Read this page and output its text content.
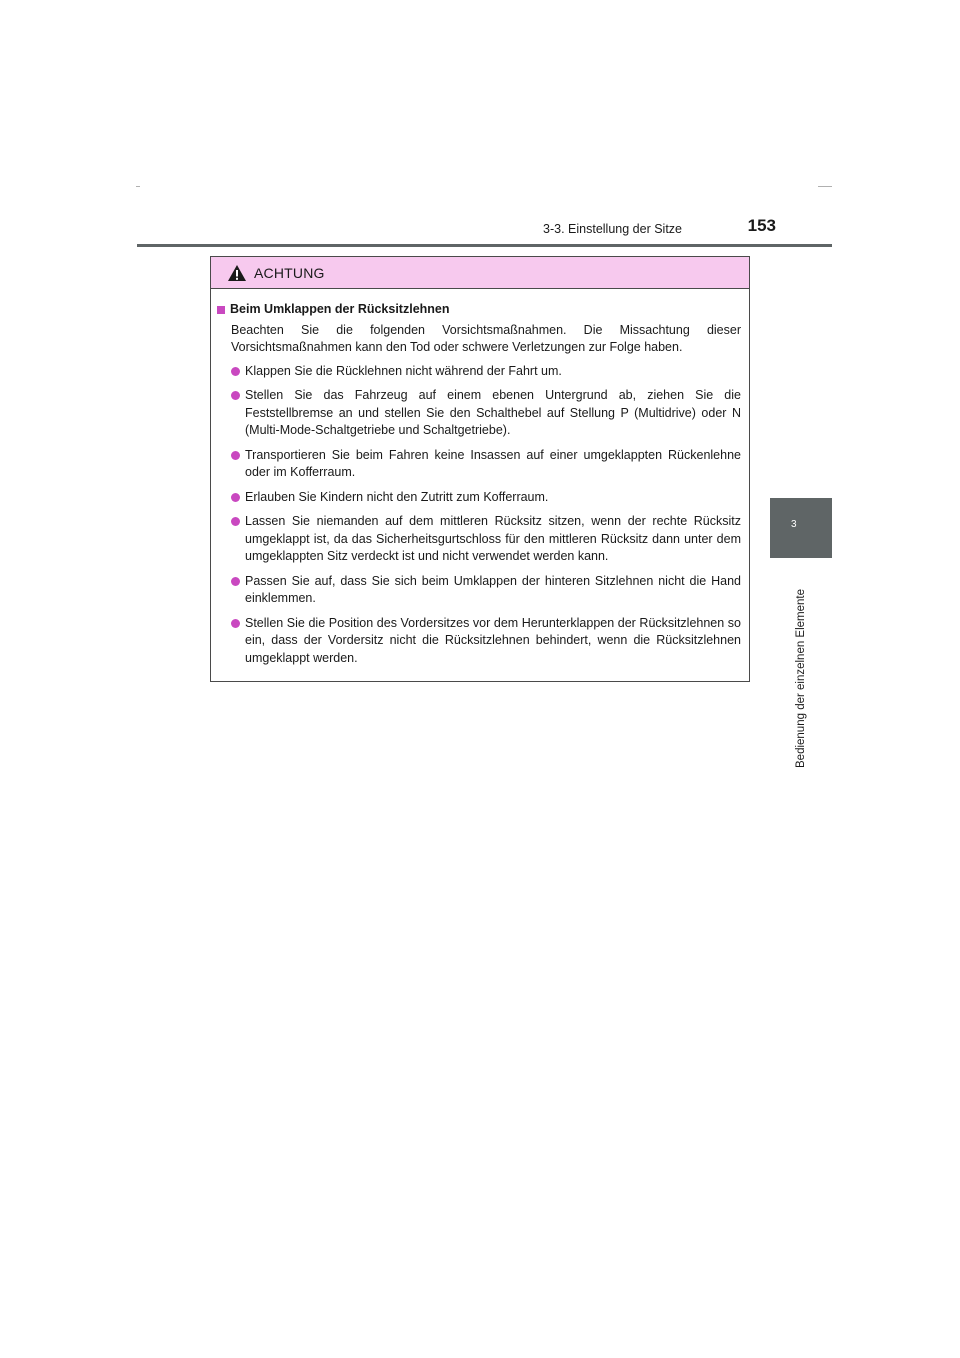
3-3. Einstellung der Sitze	153
3
Bedienung der einzelnen Elemente
ACHTUNG
Beim Umklappen der Rücksitzlehnen
Beachten Sie die folgenden Vorsichtsmaßnahmen. Die Missachtung dieser Vorsichtsmaßnahmen kann den Tod oder schwere Verletzungen zur Folge haben.
Klappen Sie die Rücklehnen nicht während der Fahrt um.
Stellen Sie das Fahrzeug auf einem ebenen Untergrund ab, ziehen Sie die Feststellbremse an und stellen Sie den Schalthebel auf Stellung P (Multidrive) oder N (Multi-Mode-Schaltgetriebe und Schaltgetriebe).
Transportieren Sie beim Fahren keine Insassen auf einer umgeklappten Rückenlehne oder im Kofferraum.
Erlauben Sie Kindern nicht den Zutritt zum Kofferraum.
Lassen Sie niemanden auf dem mittleren Rücksitz sitzen, wenn der rechte Rücksitz umgeklappt ist, da das Sicherheitsgurtschloss für den mittleren Rücksitz dann unter dem umgeklappten Sitz verdeckt ist und nicht verwendet werden kann.
Passen Sie auf, dass Sie sich beim Umklappen der hinteren Sitzlehnen nicht die Hand einklemmen.
Stellen Sie die Position des Vordersitzes vor dem Herunterklappen der Rücksitzlehnen so ein, dass der Vordersitz nicht die Rücksitzlehnen behindert, wenn die Rücksitzlehnen umgeklappt werden.
